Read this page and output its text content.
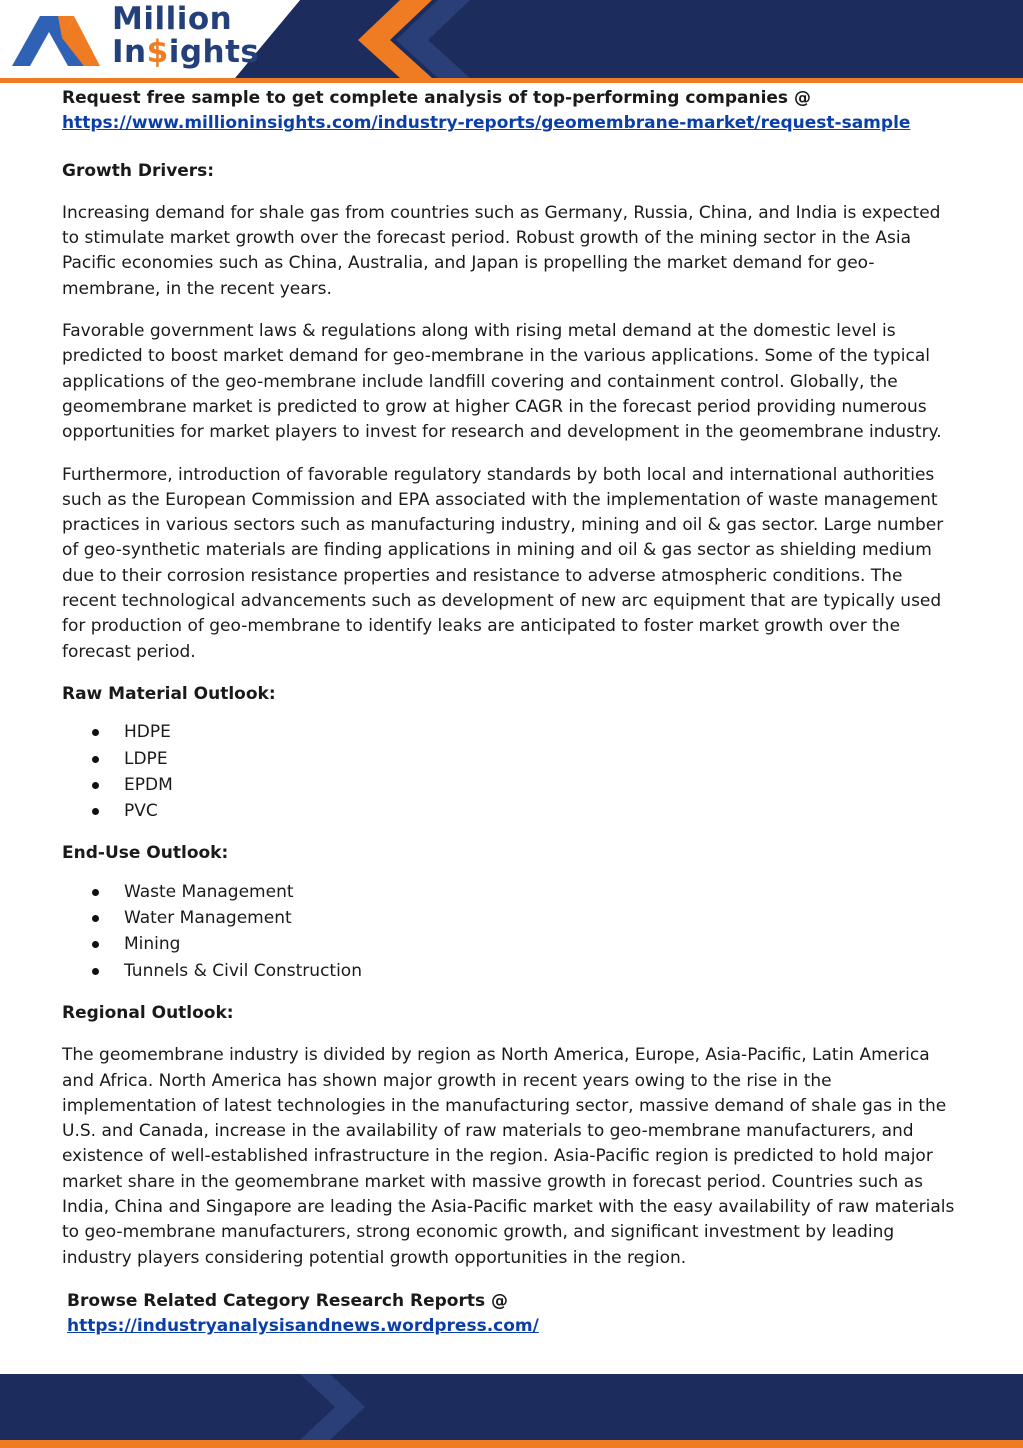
Million
In$ights

Request free sample to get complete analysis of top-performing companies @

https://www.millioninsights.com/industry-reports/geomembrane-market/request-sample

Growth Drivers:

Increasing demand for shale gas from countries such as Germany, Russia, China, and India is expected to stimulate market growth over the forecast period. Robust growth of the mining sector in the Asia Pacific economies such as China, Australia, and Japan is propelling the market demand for geo-membrane, in the recent years.

Favorable government laws & regulations along with rising metal demand at the domestic level is predicted to boost market demand for geo-membrane in the various applications. Some of the typical applications of the geo-membrane include landfill covering and containment control. Globally, the geomembrane market is predicted to grow at higher CAGR in the forecast period providing numerous opportunities for market players to invest for research and development in the geomembrane industry.

Furthermore, introduction of favorable regulatory standards by both local and international authorities such as the European Commission and EPA associated with the implementation of waste management practices in various sectors such as manufacturing industry, mining and oil & gas sector. Large number of geo-synthetic materials are finding applications in mining and oil & gas sector as shielding medium due to their corrosion resistance properties and resistance to adverse atmospheric conditions. The recent technological advancements such as development of new arc equipment that are typically used for production of geo-membrane to identify leaks are anticipated to foster market growth over the forecast period.

Raw Material Outlook:

HDPE
LDPE
EPDM
PVC

End-Use Outlook:

Waste Management
Water Management
Mining
Tunnels & Civil Construction

Regional Outlook:

The geomembrane industry is divided by region as North America, Europe, Asia-Pacific, Latin America and Africa. North America has shown major growth in recent years owing to the rise in the implementation of latest technologies in the manufacturing sector, massive demand of shale gas in the U.S. and Canada, increase in the availability of raw materials to geo-membrane manufacturers, and existence of well-established infrastructure in the region. Asia-Pacific region is predicted to hold major market share in the geomembrane market with massive growth in forecast period. Countries such as India, China and Singapore are leading the Asia-Pacific market with the easy availability of raw materials to geo-membrane manufacturers, strong economic growth, and significant investment by leading industry players considering potential growth opportunities in the region.

Browse Related Category Research Reports @ https://industryanalysisandnews.wordpress.com/
